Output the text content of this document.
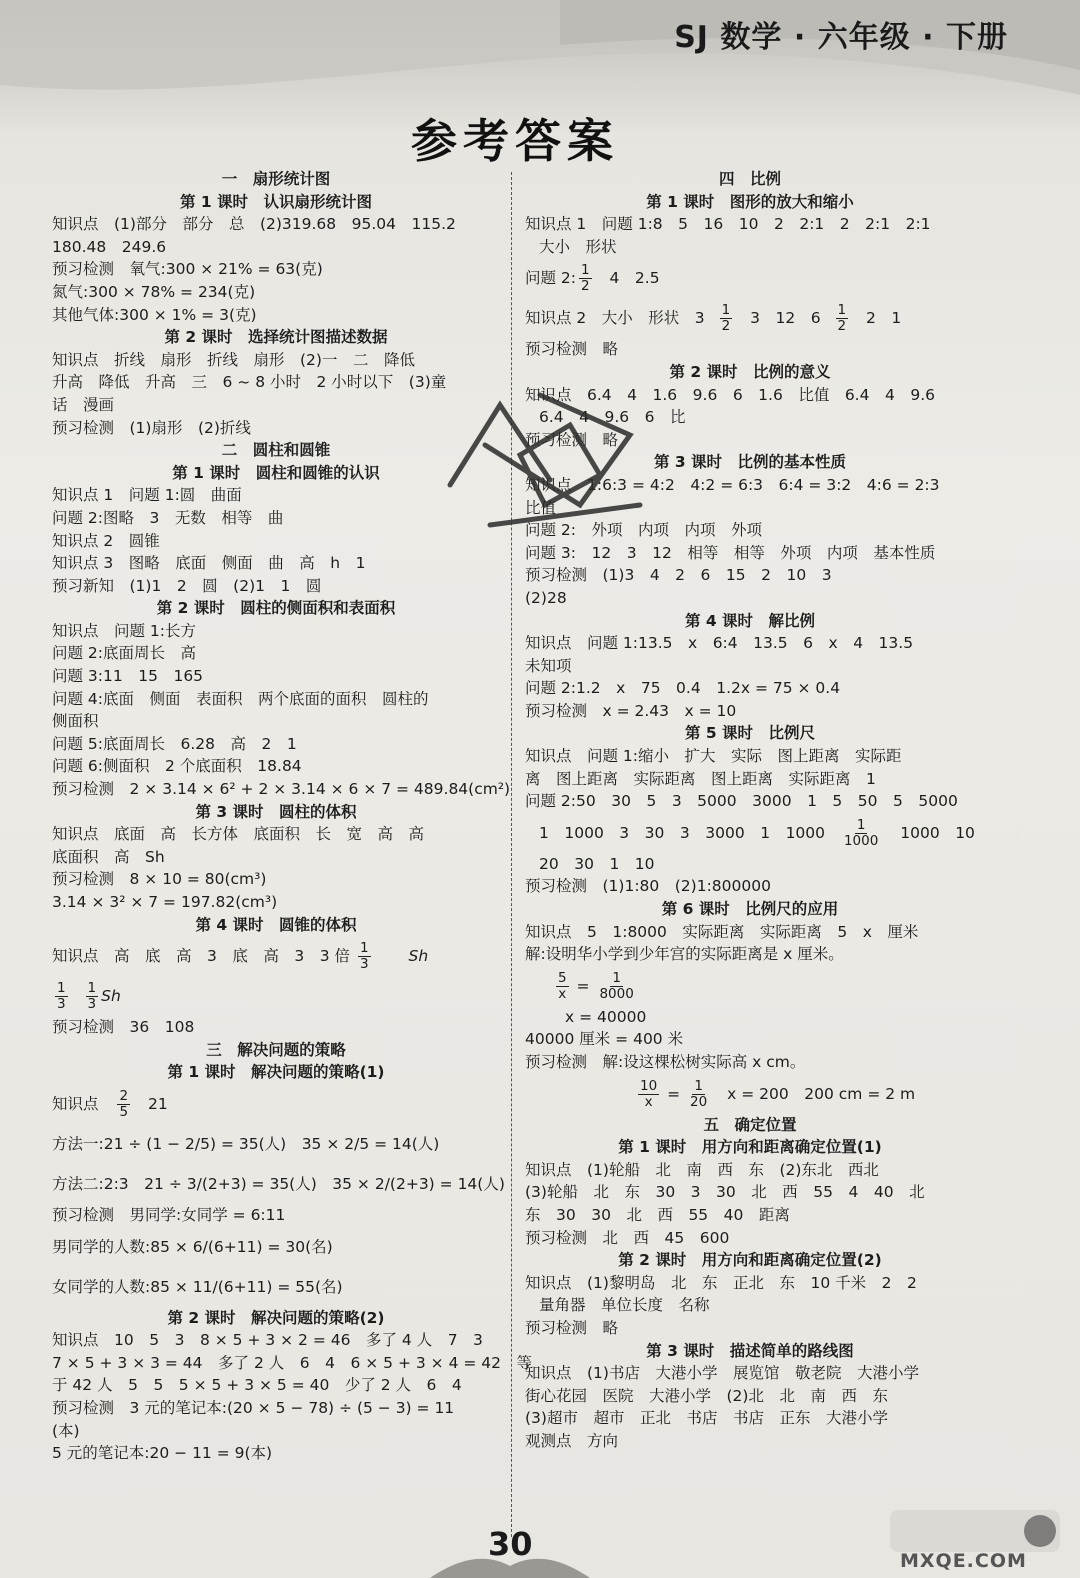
SJ 数学 · 六年级 · 下册
参考答案
一　扇形统计图
第 1 课时　认识扇形统计图
知识点　(1)部分　部分　总　(2)319.68　95.04　115.2
180.48　249.6
预习检测　氧气:300 × 21% = 63(克)
氮气:300 × 78% = 234(克)
其他气体:300 × 1% = 3(克)
第 2 课时　选择统计图描述数据
知识点　折线　扇形　折线　扇形　(2)一　二　降低
升高　降低　升高　三　6 ~ 8 小时　2 小时以下　(3)童
话　漫画
预习检测　(1)扇形　(2)折线
二　圆柱和圆锥
第 1 课时　圆柱和圆锥的认识
知识点 1　问题 1:圆　曲面
问题 2:图略　3　无数　相等　曲
知识点 2　圆锥
知识点 3　图略　底面　侧面　曲　高　h　1
预习新知　(1)1　2　圆　(2)1　1　圆
第 2 课时　圆柱的侧面积和表面积
知识点　问题 1:长方
问题 2:底面周长　高
问题 3:11　15　165
问题 4:底面　侧面　表面积　两个底面的面积　圆柱的
侧面积
问题 5:底面周长　6.28　高　2　1
问题 6:侧面积　2 个底面积　18.84
预习检测　2 × 3.14 × 6² + 2 × 3.14 × 6 × 7 = 489.84(cm²)
第 3 课时　圆柱的体积
知识点　底面　高　长方体　底面积　长　宽　高　高
底面积　高　Sh
预习检测　8 × 10 = 80(cm³)
3.14 × 3² × 7 = 197.82(cm³)
第 4 课时　圆锥的体积
知识点　高　底　高　3　底　高　3　3 倍 $\frac{1}{3}$ Sh
$\frac{1}{3}$
$\frac{1}{3}$ Sh
预习检测　36　108
三　解决问题的策略
第 1 课时　解决问题的策略(1)
知识点 $\frac{2}{5} 21$
方法一:21 ÷ (1 − 2/5) = 35(人)　35 × 2/5 = 14(人)
方法二:2:3　21 ÷ 3/(2+3) = 35(人)　35 × 2/(2+3) = 14(人)
预习检测　男同学:女同学 = 6:11
男同学的人数:85 × 6/(6+11) = 30(名)
女同学的人数:85 × 11/(6+11) = 55(名)
第 2 课时　解决问题的策略(2)
知识点　10　5　3　8 × 5 + 3 × 2 = 46　多了 4 人　7　3
7 × 5 + 3 × 3 = 44　多了 2 人　6　4　6 × 5 + 3 × 4 = 42　等
于 42 人　5　5　5 × 5 + 3 × 5 = 40　少了 2 人　6　4
预习检测　3 元的笔记本:(20 × 5 − 78) ÷ (5 − 3) = 11
(本)
5 元的笔记本:20 − 11 = 9(本)
四　比例
第 1 课时　图形的放大和缩小
知识点 1　问题 1:8　5　16　10　2　2:1　2　2:1　2:1
大小　形状
问题 2: $\frac{1}{2} 4$　2.5
知识点 2　大小　形状　$3 \frac{1}{2} 3$　12　$6 \frac{1}{2} 2$　1
预习检测　略
第 2 课时　比例的意义
知识点　6.4　4　1.6　9.6　6　1.6　比值　6.4　4　9.6
6.4　4　9.6　6　比
预习检测　略
第 3 课时　比例的基本性质
知识点　1:6:3 = 4:2　4:2 = 6:3　6:4 = 3:2　4:6 = 2:3
比值
问题 2:　外项　内项　内项　外项
问题 3:　12　3　12　相等　相等　外项　内项　基本性质
预习检测　(1)3　4　2　6　15　2　10　3
(2)28
第 4 课时　解比例
知识点　问题 1:13.5　x　6:4　13.5　6　x　4　13.5
未知项
问题 2:1.2　x　75　0.4　1.2x = 75 × 0.4
预习检测　x = 2.43　x = 10
第 5 课时　比例尺
知识点　问题 1:缩小　扩大　实际　图上距离　实际距
离　图上距离　实际距离　图上距离　实际距离　1
问题 2:50　30　5　3　5000　3000　1　5　50　5　5000
1　1000　3　30　3　3000　1　$1000 \frac{1}{1000} 1000$　10
20　30　1　10
预习检测　(1)1:80　(2)1:800000
第 6 课时　比例尺的应用
知识点　5　1:8000　实际距离　实际距离　5　x　厘米
解:设明华小学到少年宫的实际距离是 x 厘米。
$\frac{5}{x} = \frac{1}{8000}$
x = 40000
40000 厘米 = 400 米
预习检测　解:设这棵松树实际高 x cm。
$\frac{10}{x} = \frac{1}{20}$ x = 200　200 cm = 2 m
五　确定位置
第 1 课时　用方向和距离确定位置(1)
知识点　(1)轮船　北　南　西　东　(2)东北　西北
(3)轮船　北　东　30　3　30　北　西　55　4　40　北
东　30　30　北　西　55　40　距离
预习检测　北　西　45　600
第 2 课时　用方向和距离确定位置(2)
知识点　(1)黎明岛　北　东　正北　东　10 千米　2　2
量角器　单位长度　名称
预习检测　略
第 3 课时　描述简单的路线图
知识点　(1)书店　大港小学　展览馆　敬老院　大港小学
街心花园　医院　大港小学　(2)北　北　南　西　东
(3)超市　超市　正北　书店　书店　正东　大港小学
观测点　方向
30	MXQE.COM
